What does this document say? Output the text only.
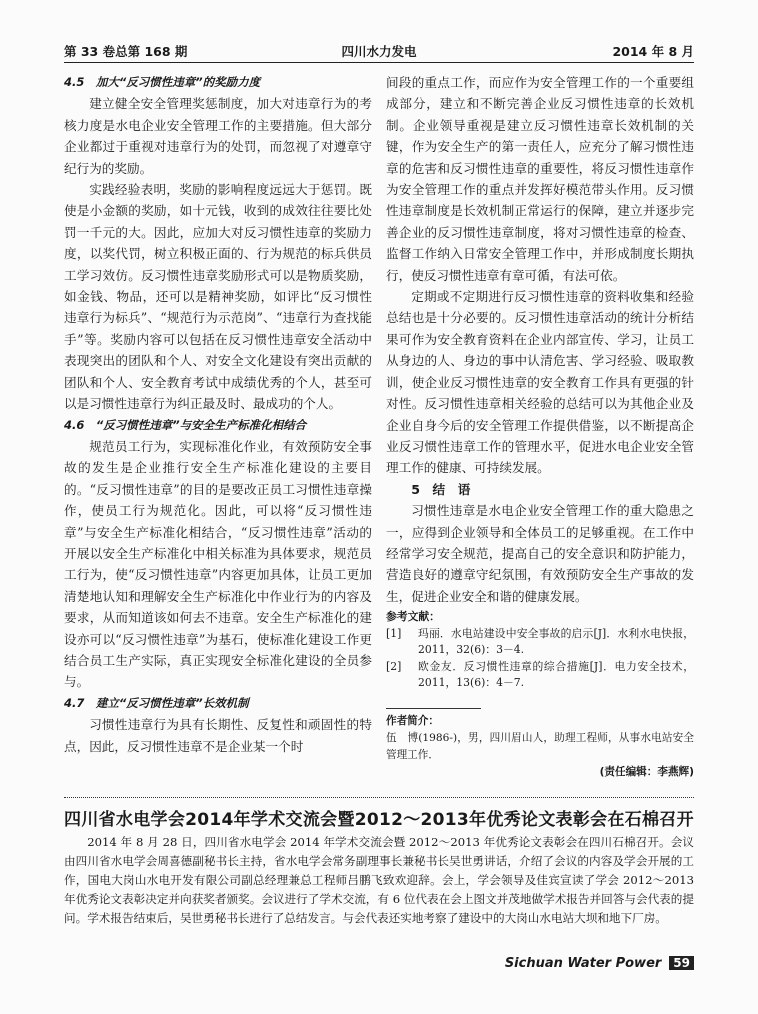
第 33 卷总第 168 期	四川水力发电	2014 年 8 月

4.5　加大“反习惯性违章”的奖励力度

建立健全安全管理奖惩制度，加大对违章行为的考核力度是水电企业安全管理工作的主要措施。但大部分企业都过于重视对违章行为的处罚，而忽视了对遵章守纪行为的奖励。

实践经验表明，奖励的影响程度远远大于惩罚。既使是小金额的奖励，如十元钱，收到的成效往往要比处罚一千元的大。因此，应加大对反习惯性违章的奖励力度，以奖代罚，树立积极正面的、行为规范的标兵供员工学习效仿。反习惯性违章奖励形式可以是物质奖励，如金钱、物品，还可以是精神奖励，如评比“反习惯性违章行为标兵”、“规范行为示范岗”、“违章行为查找能手”等。奖励内容可以包括在反习惯性违章安全活动中表现突出的团队和个人、对安全文化建设有突出贡献的团队和个人、安全教育考试中成绩优秀的个人，甚至可以是习惯性违章行为纠正最及时、最成功的个人。

4.6　“反习惯性违章”与安全生产标准化相结合

规范员工行为，实现标准化作业，有效预防安全事故的发生是企业推行安全生产标准化建设的主要目的。“反习惯性违章”的目的是要改正员工习惯性违章操作，使员工行为规范化。因此，可以将“反习惯性违章”与安全生产标准化相结合，“反习惯性违章”活动的开展以安全生产标准化中相关标准为具体要求，规范员工行为，使“反习惯性违章”内容更加具体，让员工更加清楚地认知和理解安全生产标准化中作业行为的内容及要求，从而知道该如何去不违章。安全生产标准化的建设亦可以“反习惯性违章”为基石，使标准化建设工作更结合员工生产实际，真正实现安全标准化建设的全员参与。

4.7　建立“反习惯性违章”长效机制

习惯性违章行为具有长期性、反复性和顽固性的特点，因此，反习惯性违章不是企业某一个时

间段的重点工作，而应作为安全管理工作的一个重要组成部分，建立和不断完善企业反习惯性违章的长效机制。企业领导重视是建立反习惯性违章长效机制的关键，作为安全生产的第一责任人，应充分了解习惯性违章的危害和反习惯性违章的重要性，将反习惯性违章作为安全管理工作的重点并发挥好模范带头作用。反习惯性违章制度是长效机制正常运行的保障，建立并逐步完善企业的反习惯性违章制度，将对习惯性违章的检查、监督工作纳入日常安全管理工作中，并形成制度长期执行，使反习惯性违章有章可循，有法可依。

定期或不定期进行反习惯性违章的资料收集和经验总结也是十分必要的。反习惯性违章活动的统计分析结果可作为安全教育资料在企业内部宣传、学习，让员工从身边的人、身边的事中认清危害、学习经验、吸取教训，使企业反习惯性违章的安全教育工作具有更强的针对性。反习惯性违章相关经验的总结可以为其他企业及企业自身今后的安全管理工作提供借鉴，以不断提高企业反习惯性违章工作的管理水平，促进水电企业安全管理工作的健康、可持续发展。

5　结　语

习惯性违章是水电企业安全管理工作的重大隐患之一，应得到企业领导和全体员工的足够重视。在工作中经常学习安全规范，提高自己的安全意识和防护能力，营造良好的遵章守纪氛围，有效预防安全生产事故的发生，促进企业安全和谐的健康发展。

参考文献：
[1] 玛丽．水电站建设中安全事故的启示[J]．水利水电快报，2011，32(6)：3－4.
[2] 欧金友．反习惯性违章的综合措施[J]．电力安全技术，2011，13(6)：4－7.
作者简介：
伍　博(1986-)，男，四川眉山人，助理工程师，从事水电站安全管理工作．
(责任编辑：李燕辉)
四川省水电学会2014年学术交流会暨2012～2013年优秀论文表彰会在石棉召开

2014 年 8 月 28 日，四川省水电学会 2014 年学术交流会暨 2012～2013 年优秀论文表彰会在四川石棉召开。会议由四川省水电学会周喜德副秘书长主持，省水电学会常务副理事长兼秘书长吴世勇讲话，介绍了会议的内容及学会开展的工作，国电大岗山水电开发有限公司副总经理兼总工程师吕鹏飞致欢迎辞。会上，学会领导及佳宾宣读了学会 2012～2013 年优秀论文表彰决定并向获奖者颁奖。会议进行了学术交流，有 6 位代表在会上图文并茂地做学术报告并回答与会代表的提问。学术报告结束后，吴世勇秘书长进行了总结发言。与会代表还实地考察了建设中的大岗山水电站大坝和地下厂房。

Sichuan Water Power 59
